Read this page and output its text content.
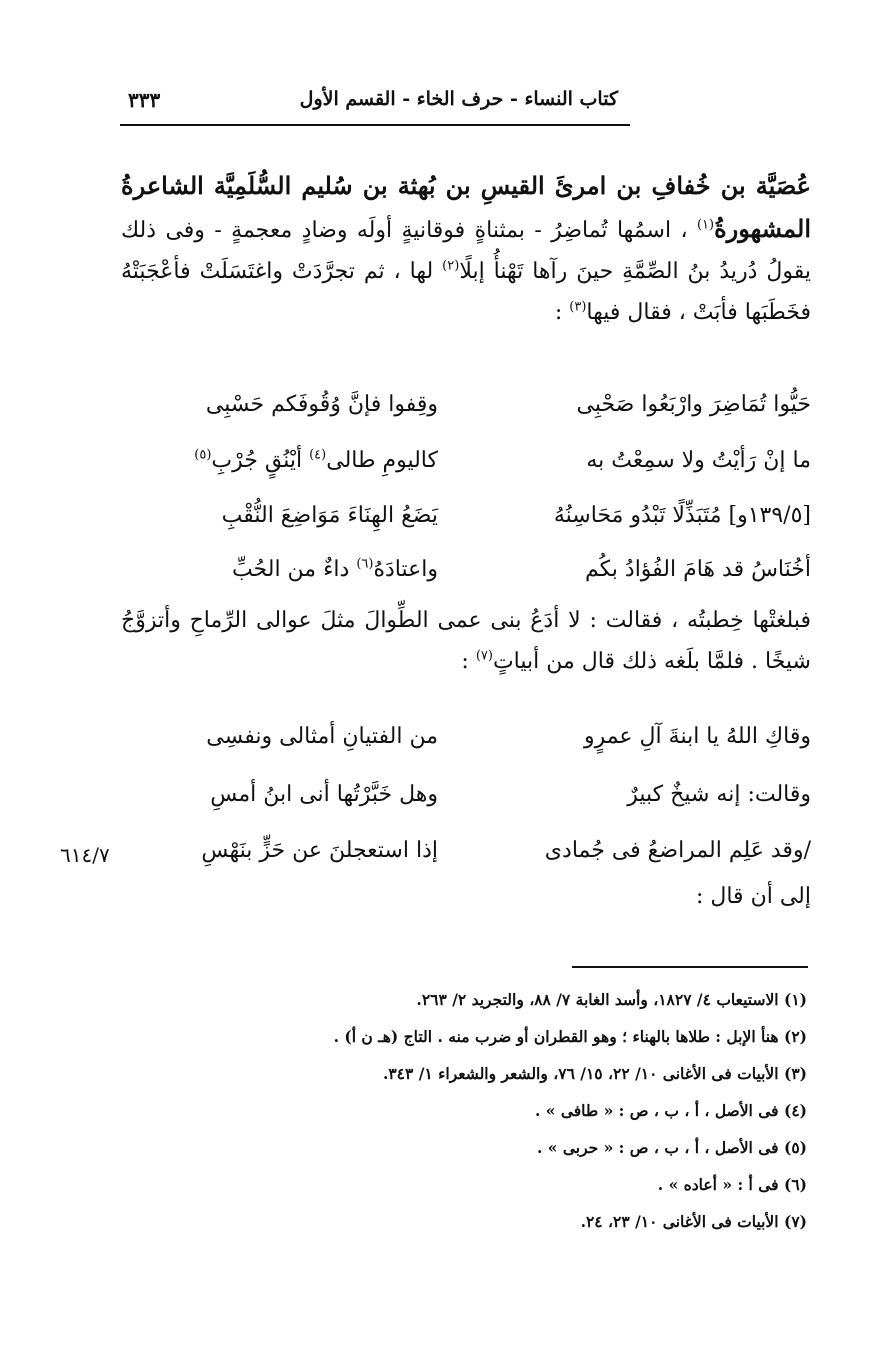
كتاب النساء - حرف الخاء - القسم الأول
٣٣٣
عُصَيَّة بن خُفافِ بن امرئَ القيسِ بن بُهثة بن سُليم السُّلَمِيَّة الشاعرةُ المشهورةُ$^{(١)}$ ، اسمُها تُماضِرُ - بمثناةٍ فوقانيةٍ أولَه وضادٍ معجمةٍ - وفى ذلك يقولُ دُريدُ بنُ الصِّمَّةِ حينَ رآها تَهْنأُ إبلًا$^{(٢)}$ لها ، ثم تجرَّدَتْ واغتَسَلَتْ فأعْجَبَتْهُ فخَطَبَها فأبَتْ ، فقال فيها$^{(٣)}$ :
حَيُّوا تُمَاضِرَ وارْبَعُوا صَحْبِى
وقِفوا فإنَّ وُقُوفَكم حَسْبِى
ما إنْ رَأيْتُ ولا سمِعْتُ به
كاليومِ طالى$^{(٤)}$ أيْنُقٍ جُرْبِ$^{(٥)}$
[١٣٩/٥و] مُتَبَذِّلًا تَبْدُو مَحَاسِنُهُ
يَضَعُ الهِنَاءَ مَوَاضِعَ النُّقْبِ
أخُنَاسُ قد هَامَ الفُؤادُ بكُم
واعتادَهُ$^{(٦)}$ داءٌ من الحُبِّ
فبلغتْها خِطبتُه ، فقالت : لا أدَعُ بنى عمى الطِّوالَ مثلَ عوالى الرِّماحِ وأتزوَّجُ شيخًا . فلمَّا بلَغه ذلك قال من أبياتٍ$^{(٧)}$ :
وقاكِ اللهُ يا ابنةَ آلِ عمرٍو
من الفتيانِ أمثالى ونفسِى
وقالت: إنه شيخٌ كبيرٌ
وهل خَبَّرْتُها أنى ابنُ أمسِ
/وقد عَلِم المراضعُ فى جُمادى
إذا استعجلنَ عن حَزٍّ بنَهْسِ
٦١٤/٧
إلى أن قال :
(١) الاستيعاب ٤/ ١٨٢٧، وأسد الغابة ٧/ ٨٨، والتجريد ٢/ ٢٦٣.
(٢) هنأ الإبل : طلاها بالهناء ؛ وهو القطران أو ضرب منه . التاج (هـ ن أ) .
(٣) الأبيات فى الأغانى ١٠/ ٢٢، ١٥/ ٧٦، والشعر والشعراء ١/ ٣٤٣.
(٤) فى الأصل ، أ ، ب ، ص : « طافى » .
(٥) فى الأصل ، أ ، ب ، ص : « حربى » .
(٦) فى أ : « أعاده » .
(٧) الأبيات فى الأغانى ١٠/ ٢٣، ٢٤.
